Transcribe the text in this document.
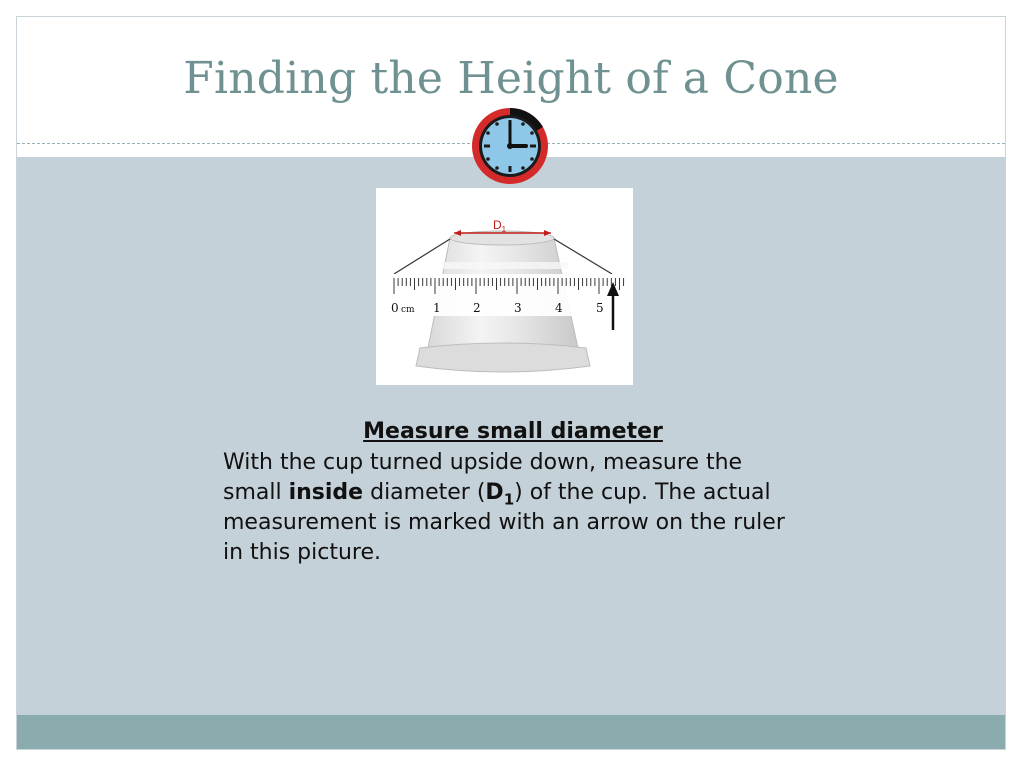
Finding the Height of a Cone
$D_1$
0 cm 1	2	3	4	5
Measure small diameter
With the cup turned upside down, measure the small inside diameter $(D_1)$ of the cup. The actual measurement is marked with an arrow on the ruler in this picture.
